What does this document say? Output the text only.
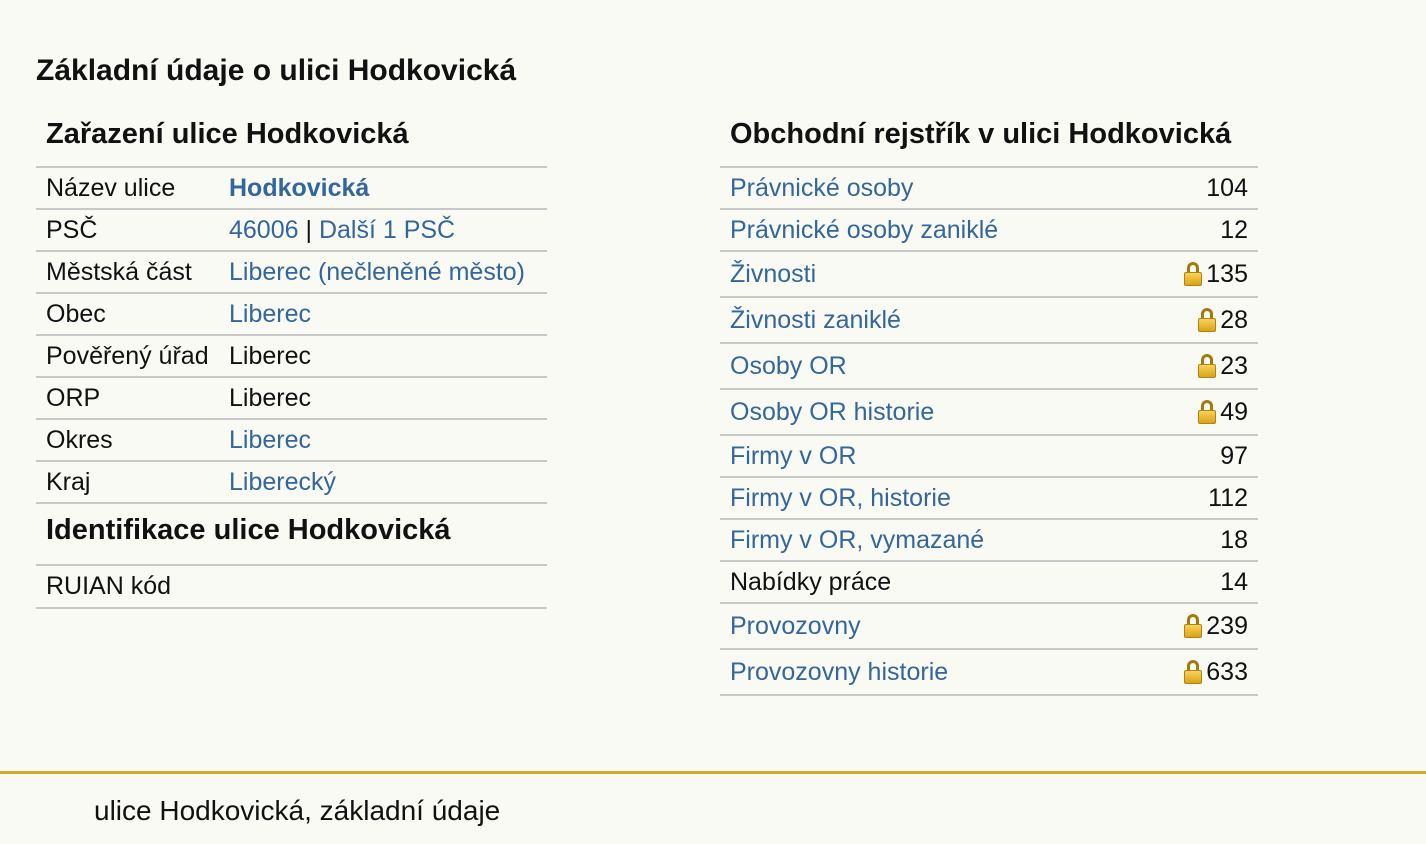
Základní údaje o ulici Hodkovická
Zařazení ulice Hodkovická
Název ulice	Hodkovická
PSČ	46006 | Další 1 PSČ
Městská část	Liberec (nečleněné město)
Obec	Liberec
Pověřený úřad	Liberec
ORP	Liberec
Okres	Liberec
Kraj	Liberecký
Identifikace ulice Hodkovická
RUIAN kód	
Obchodní rejstřík v ulici Hodkovická
Právnické osoby	104
Právnické osoby zaniklé	12
Živnosti	135
Živnosti zaniklé	28
Osoby OR	23
Osoby OR historie	49
Firmy v OR	97
Firmy v OR, historie	112
Firmy v OR, vymazané	18
Nabídky práce	14
Provozovny	239
Provozovny historie	633
ulice Hodkovická, základní údaje
